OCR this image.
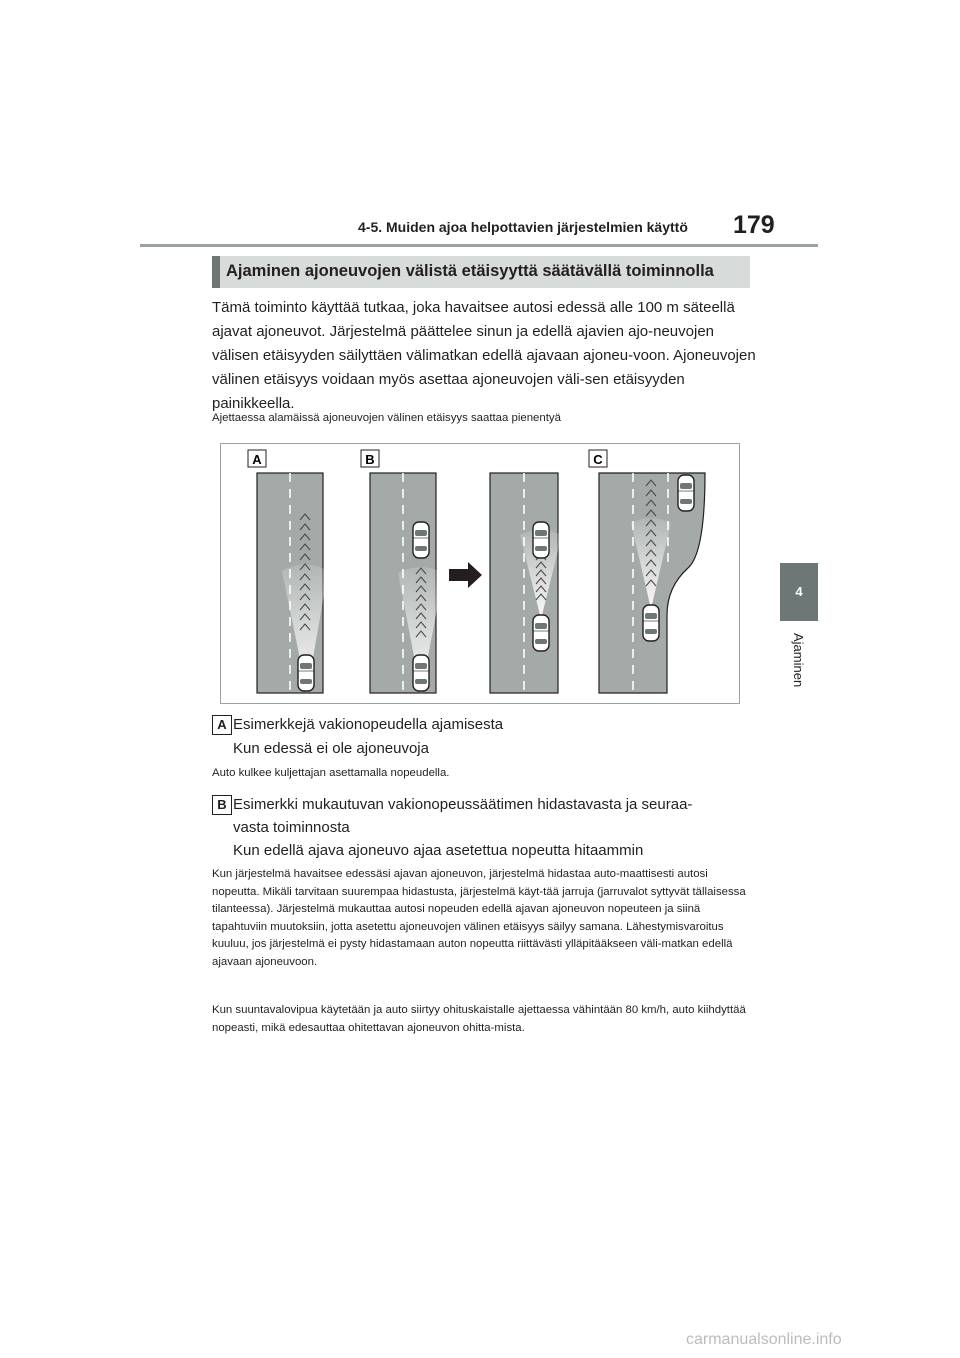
4-5. Muiden ajoa helpottavien järjestelmien käyttö 179
4
Ajaminen
Ajaminen ajoneuvojen välistä etäisyyttä säätävällä toiminnolla

Tämä toiminto käyttää tutkaa, joka havaitsee autosi edessä alle 100 m säteellä ajavat ajoneuvot. Järjestelmä päättelee sinun ja edellä ajavien ajo-neuvojen välisen etäisyyden säilyttäen välimatkan edellä ajavaan ajoneu-voon. Ajoneuvojen välinen etäisyys voidaan myös asettaa ajoneuvojen väli-sen etäisyyden painikkeella.

Ajettaessa alamäissä ajoneuvojen välinen etäisyys saattaa pienentyä

A	B	C
A Esimerkkejä vakionopeudella ajamisesta

Kun edessä ei ole ajoneuvoja

Auto kulkee kuljettajan asettamalla nopeudella.

B Esimerkki mukautuvan vakionopeussäätimen hidastavasta ja seuraa-

vasta toiminnosta

Kun edellä ajava ajoneuvo ajaa asetettua nopeutta hitaammin

Kun järjestelmä havaitsee edessäsi ajavan ajoneuvon, järjestelmä hidastaa auto-maattisesti autosi nopeutta. Mikäli tarvitaan suurempaa hidastusta, järjestelmä käyt-tää jarruja (jarruvalot syttyvät tällaisessa tilanteessa). Järjestelmä mukauttaa autosi nopeuden edellä ajavan ajoneuvon nopeuteen ja siinä tapahtuviin muutoksiin, jotta asetettu ajoneuvojen välinen etäisyys säilyy samana. Lähestymisvaroitus kuuluu, jos järjestelmä ei pysty hidastamaan auton nopeutta riittävästi ylläpitääkseen väli-matkan edellä ajavaan ajoneuvoon.

Kun suuntavalovipua käytetään ja auto siirtyy ohituskaistalle ajettaessa vähintään 80 km/h, auto kiihdyttää nopeasti, mikä edesauttaa ohitettavan ajoneuvon ohitta-mista.

carmanualsonline.info
